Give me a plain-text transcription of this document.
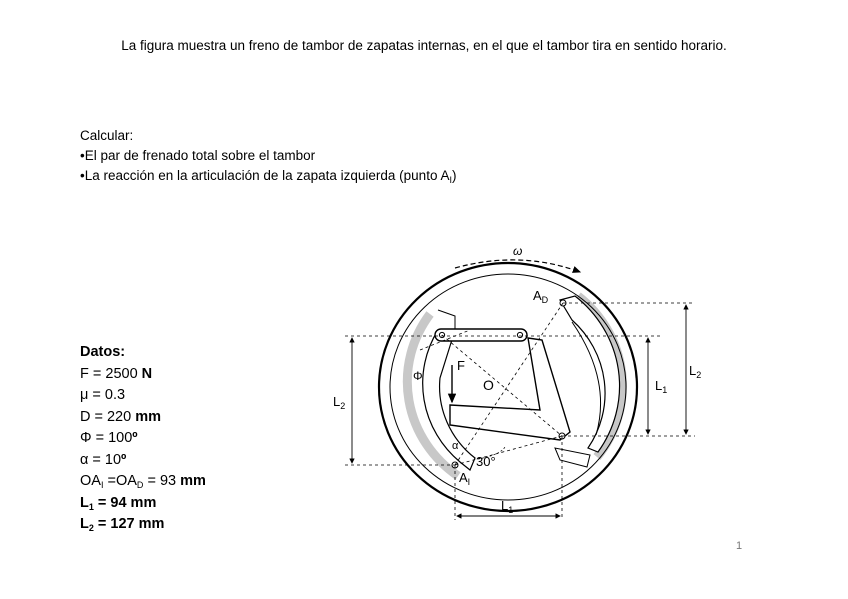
La figura muestra un freno de tambor de zapatas internas, en el que el tambor tira en sentido horario.
Calcular:
•El par de frenado total sobre el tambor
•La reacción en la articulación de la zapata izquierda (punto $A_I$)
Datos:
F = 2500 N
μ = 0.3
D = 220 mm
Φ = 100º
α = 10º
$OA_I =OA_D = 93$ mm
$L_1 = 94$ mm
$L_2 = 127$ mm
ω
F
O
Φ
$A_D$
$A_I$
α
30°
$L_1$
$L_2$
$L_2$
$L_1$
1
